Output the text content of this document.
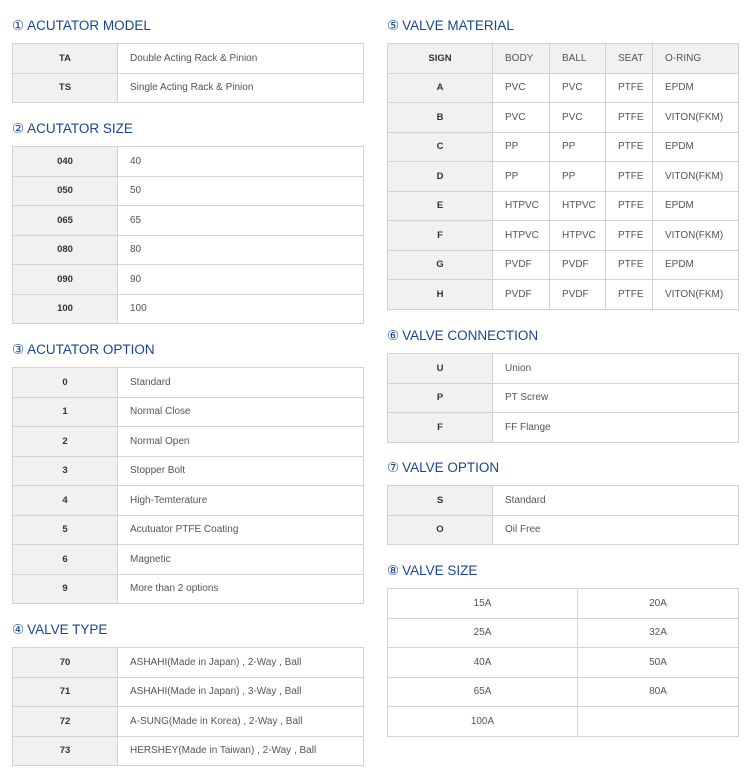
① ACUTATOR MODEL
TA	Double Acting Rack & Pinion
TS	Single Acting Rack & Pinion
② ACUTATOR SIZE
040	40
050	50
065	65
080	80
090	90
100	100
③ ACUTATOR OPTION
0	Standard
1	Normal Close
2	Normal Open
3	Stopper Bolt
4	High-Temterature
5	Acutuator PTFE Coating
6	Magnetic
9	More than 2 options
④ VALVE TYPE
70	ASHAHI(Made in Japan) , 2-Way , Ball
71	ASHAHI(Made in Japan) , 3-Way , Ball
72	A-SUNG(Made in Korea) , 2-Way , Ball
73	HERSHEY(Made in Taiwan) , 2-Way , Ball
⑤ VALVE MATERIAL
SIGN	BODY	BALL	SEAT	O-RING
A	PVC	PVC	PTFE	EPDM
B	PVC	PVC	PTFE	VITON(FKM)
C	PP	PP	PTFE	EPDM
D	PP	PP	PTFE	VITON(FKM)
E	HTPVC	HTPVC	PTFE	EPDM
F	HTPVC	HTPVC	PTFE	VITON(FKM)
G	PVDF	PVDF	PTFE	EPDM
H	PVDF	PVDF	PTFE	VITON(FKM)
⑥ VALVE CONNECTION
U	Union
P	PT Screw
F	FF Flange
⑦ VALVE OPTION
S	Standard
O	Oil Free
⑧ VALVE SIZE
15A	20A
25A	32A
40A	50A
65A	80A
100A	
